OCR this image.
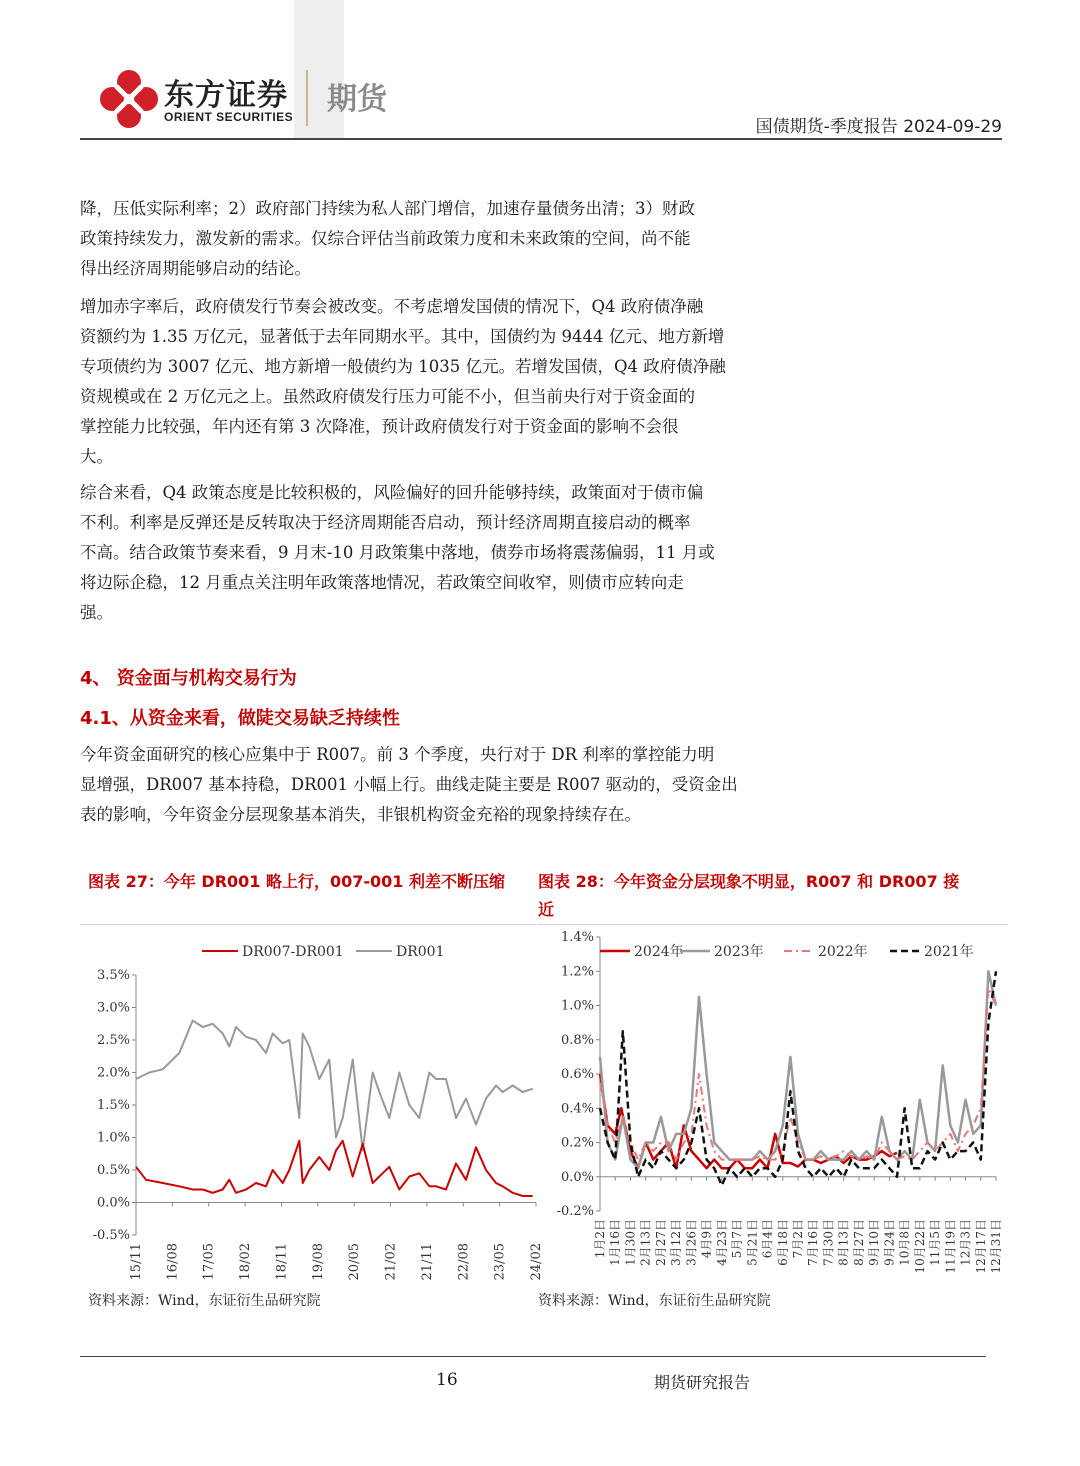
东方证券
ORIENT SECURITIES 期货
国债期货-季度报告 2024-09-29
降，压低实际利率；2）政府部门持续为私人部门增信，加速存量债务出清；3）财政
政策持续发力，激发新的需求。仅综合评估当前政策力度和未来政策的空间，尚不能
得出经济周期能够启动的结论。
增加赤字率后，政府债发行节奏会被改变。不考虑增发国债的情况下，Q4 政府债净融
资额约为 1.35 万亿元，显著低于去年同期水平。其中，国债约为 9444 亿元、地方新增
专项债约为 3007 亿元、地方新增一般债约为 1035 亿元。若增发国债，Q4 政府债净融
资规模或在 2 万亿元之上。虽然政府债发行压力可能不小，但当前央行对于资金面的
掌控能力比较强，年内还有第 3 次降准，预计政府债发行对于资金面的影响不会很
大。
综合来看，Q4 政策态度是比较积极的，风险偏好的回升能够持续，政策面对于债市偏
不利。利率是反弹还是反转取决于经济周期能否启动，预计经济周期直接启动的概率
不高。结合政策节奏来看，9 月末-10 月政策集中落地，债券市场将震荡偏弱，11 月或
将边际企稳，12 月重点关注明年政策落地情况，若政策空间收窄，则债市应转向走
强。
4、 资金面与机构交易行为
4.1、从资金来看，做陡交易缺乏持续性
今年资金面研究的核心应集中于 R007。前 3 个季度，央行对于 DR 利率的掌控能力明
显增强，DR007 基本持稳，DR001 小幅上行。曲线走陡主要是 R007 驱动的，受资金出
表的影响，今年资金分层现象基本消失，非银机构资金充裕的现象持续存在。
图表 27：今年 DR001 略上行，007-001 利差不断压缩 图表 28：今年资金分层现象不明显，R007 和 DR007 接
近
-0.5%
0.0%
0.5%
1.0%
1.5%
2.0%
2.5%
3.0%
3.5%
15/11 16/08 17/05 18/02 18/11 19/08 20/05 21/02 21/11 22/08 23/05 24/02
DR007-DR001	DR001
-0.2%
0.0%
0.2%
0.4%
0.6%
0.8%
1.0%
1.2%
1.4%
1月2日 1月16日 1月30日 2月13日 2月27日 3月12日 3月26日 4月9日 4月23日 5月7日 5月21日 6月4日 6月18日 7月2日 7月16日 7月30日 8月13日 8月27日 9月10日 9月24日 10月8日 10月22日 11月5日 11月19日 12月3日 12月17日 12月31日
2024年 2023年	2022年	2021年
资料来源：Wind，东证衍生品研究院	资料来源：Wind，东证衍生品研究院
16	期货研究报告
